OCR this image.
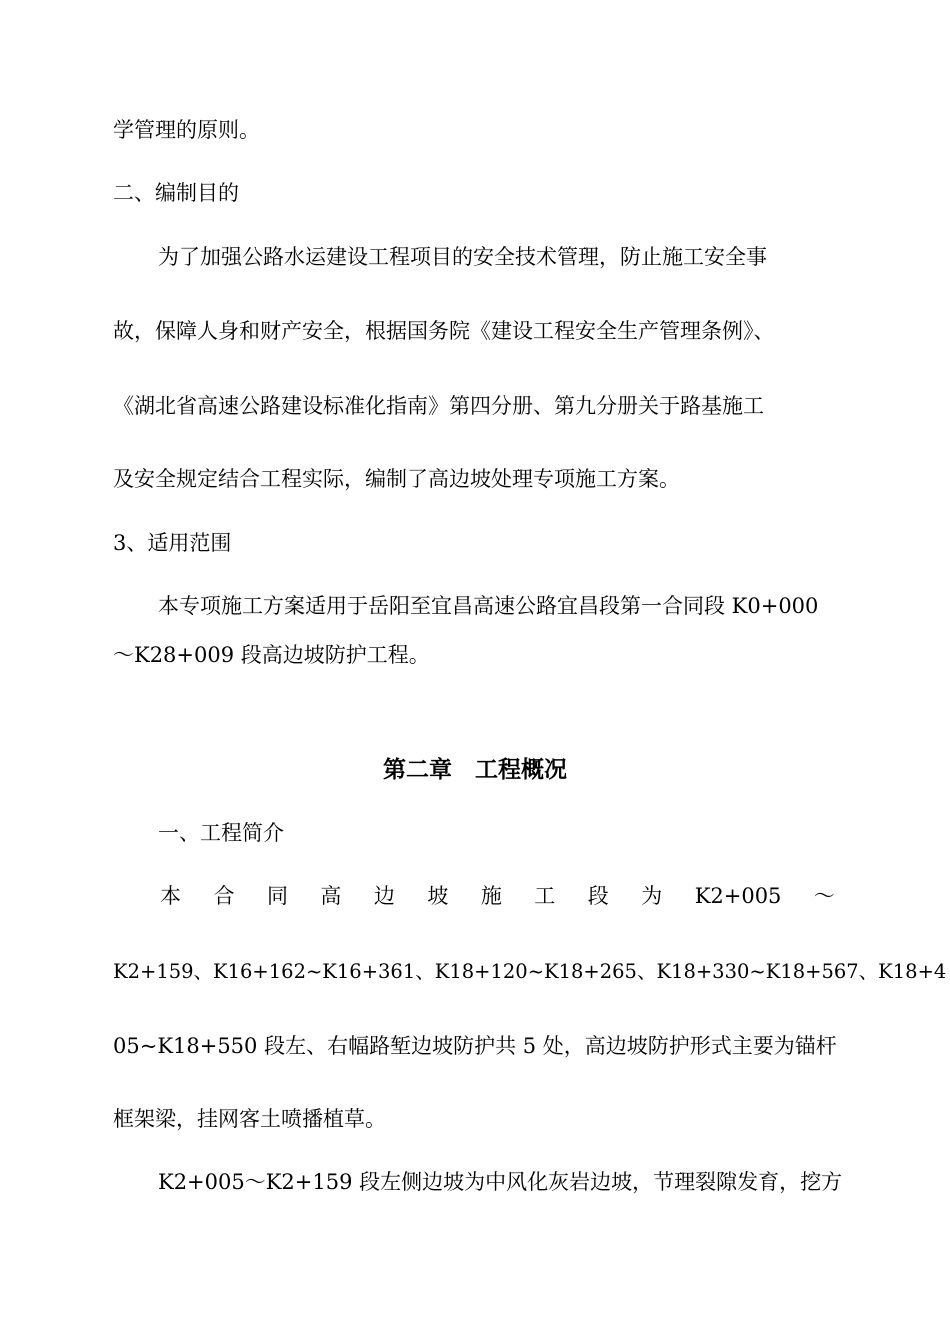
学管理的原则。
二、编制目的
为了加强公路水运建设工程项目的安全技术管理，防止施工安全事
故，保障人身和财产安全，根据国务院《建设工程安全生产管理条例》、
《湖北省高速公路建设标准化指南》第四分册、第九分册关于路基施工
及安全规定结合工程实际，编制了高边坡处理专项施工方案。
3、适用范围
本专项施工方案适用于岳阳至宜昌高速公路宜昌段第一合同段 K0+000
～K28+009 段高边坡防护工程。
第二章　工程概况
一、工程简介
本 合 同 高 边 坡 施 工 段 为 K2+005 ～
K2+159、K16+162~K16+361、K18+120~K18+265、K18+330~K18+567、K18+4
05~K18+550 段左、右幅路堑边坡防护共 5 处，高边坡防护形式主要为锚杆
框架梁，挂网客土喷播植草。
K2+005～K2+159 段左侧边坡为中风化灰岩边坡，节理裂隙发育，挖方
